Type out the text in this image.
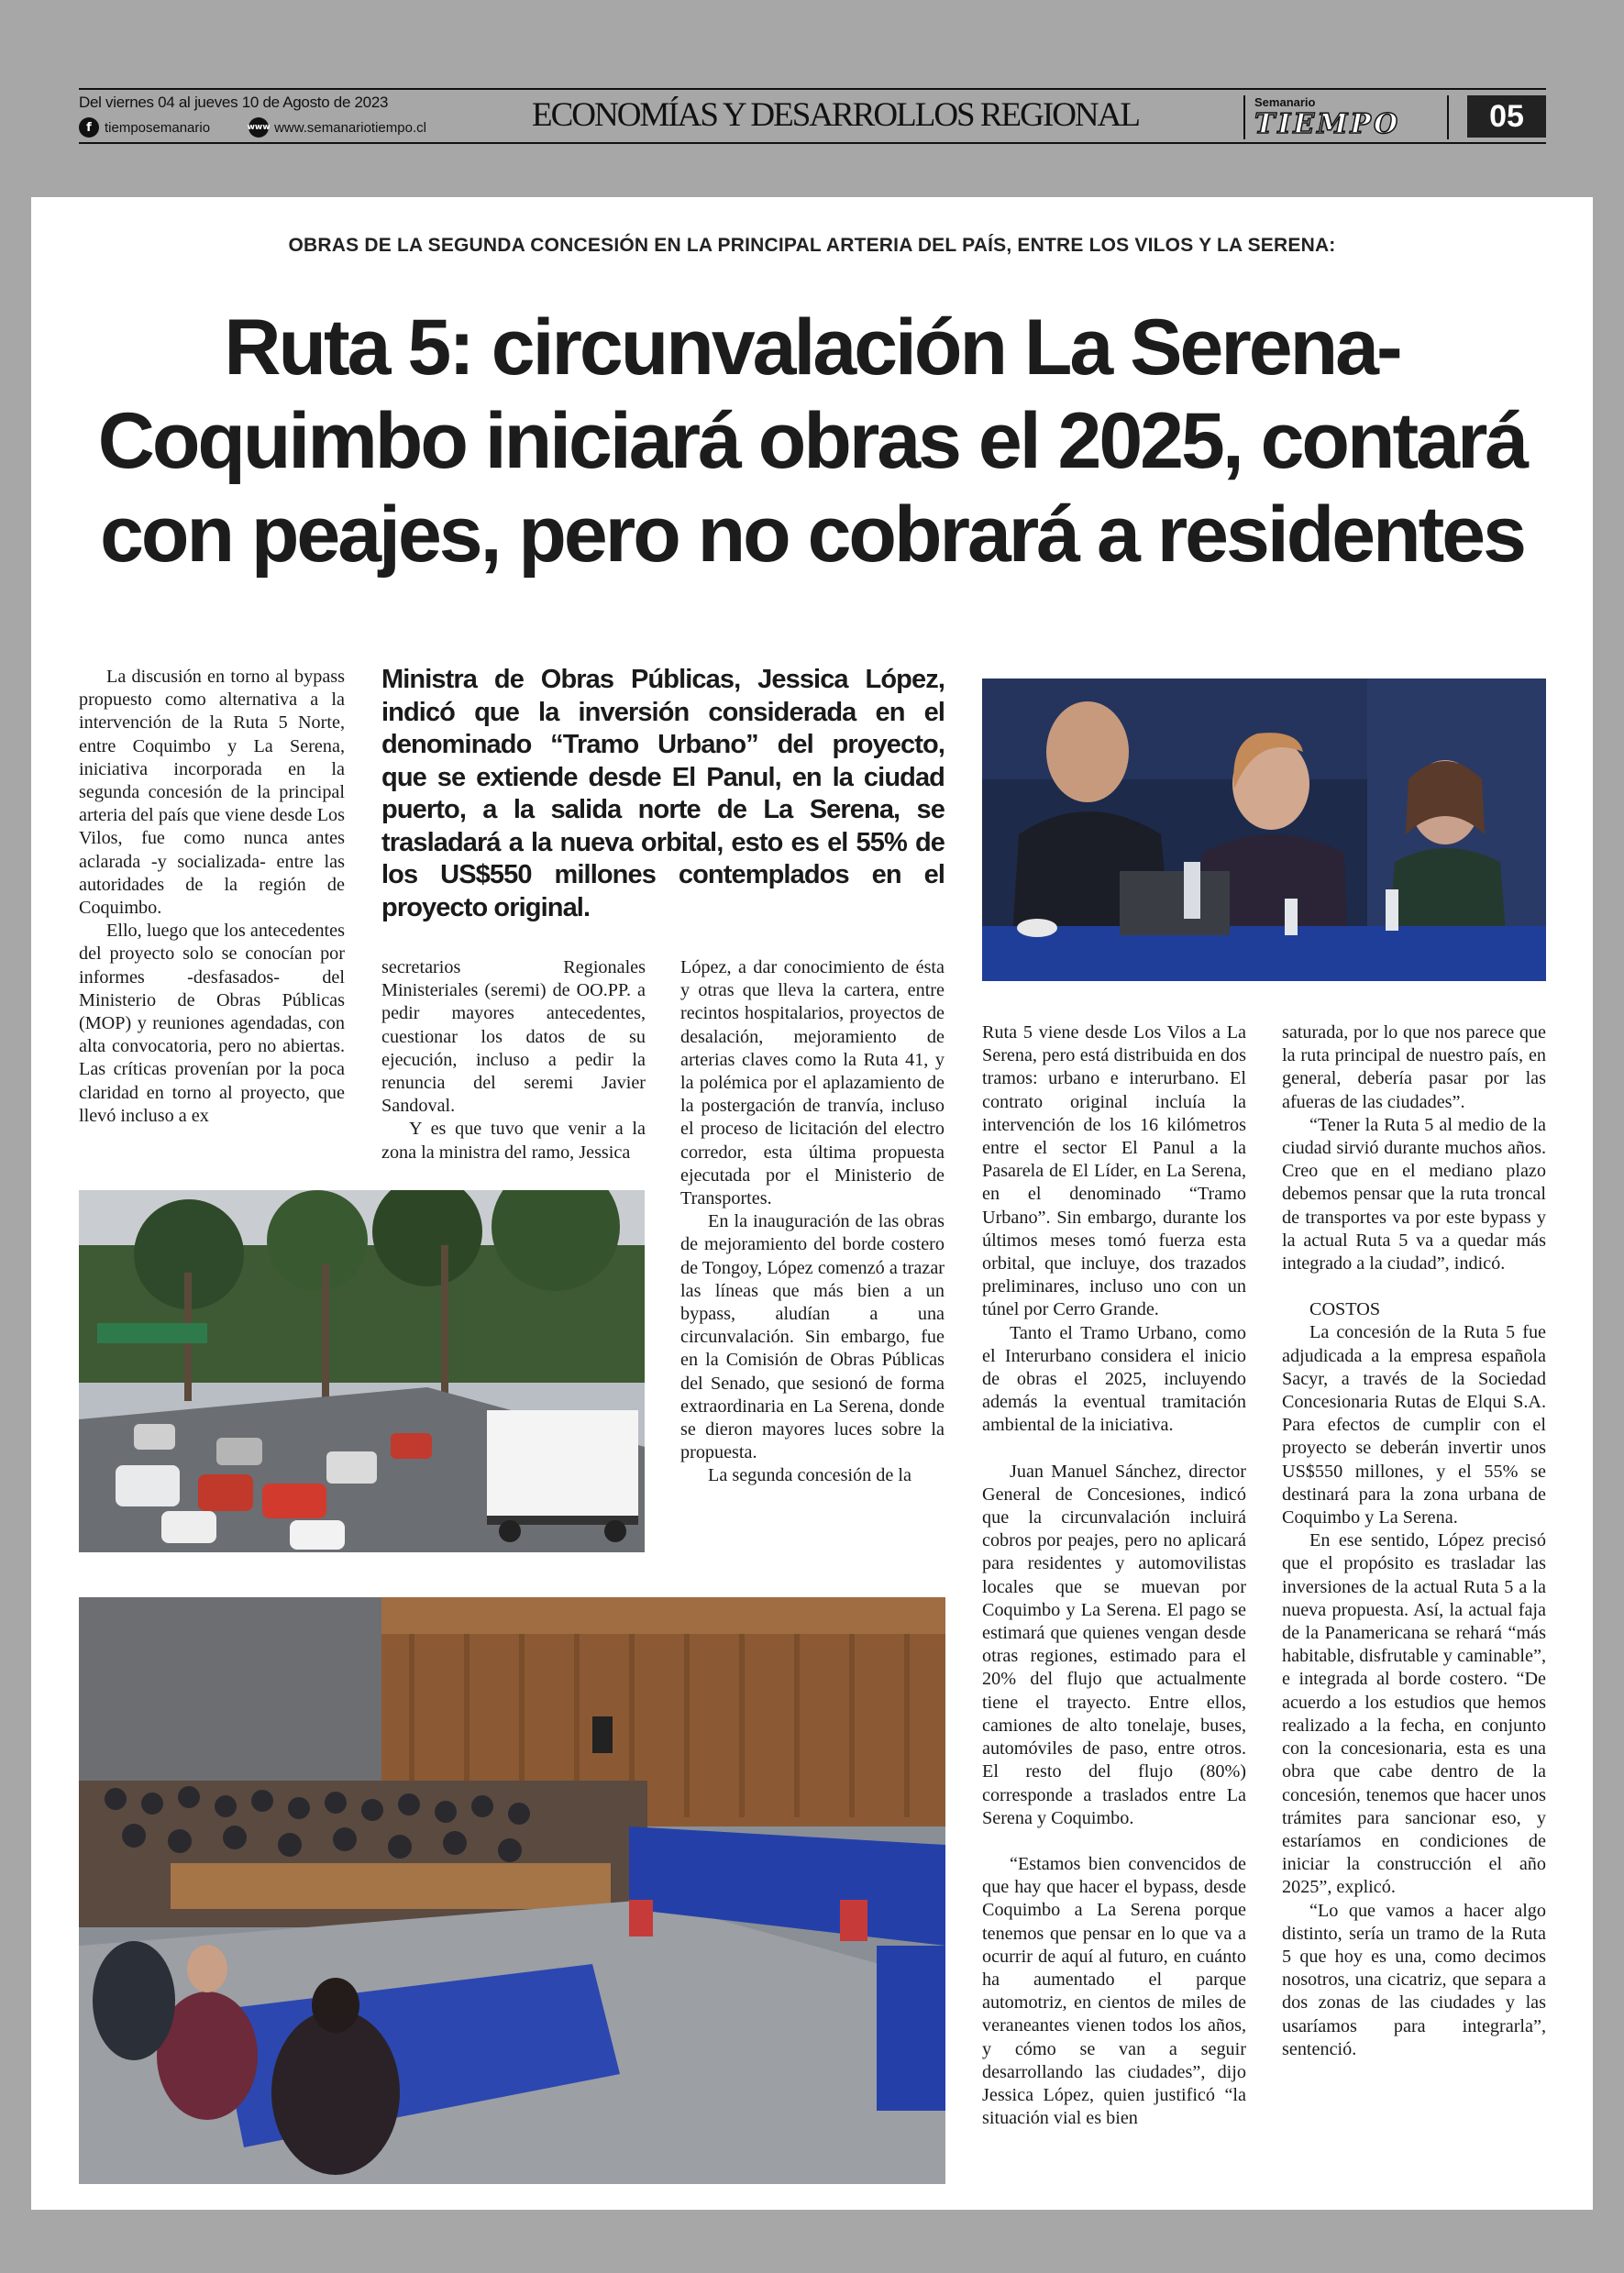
Del viernes 04 al jueves 10 de Agosto de 2023
f tiemposemanario	www www.semanariotiempo.cl	ECONOMÍAS Y DESARROLLOS REGIONAL	Semanario
TIEMPO	05
OBRAS DE LA SEGUNDA CONCESIÓN EN LA PRINCIPAL ARTERIA DEL PAÍS, ENTRE LOS VILOS Y LA SERENA:
Ruta 5: circunvalación La Serena-Coquimbo iniciará obras el 2025, contará con peajes, pero no cobrará a residentes

La discusión en torno al bypass propuesto como alternativa a la intervención de la Ruta 5 Norte, entre Coquimbo y La Serena, iniciativa incorporada en la segunda concesión de la principal arteria del país que viene desde Los Vilos, fue como nunca antes aclarada -y socializada- entre las autoridades de la región de Coquimbo.

Ello, luego que los antecedentes del proyecto solo se conocían por informes -desfasados- del Ministerio de Obras Públicas (MOP) y reuniones agendadas, con alta convocatoria, pero no abiertas. Las críticas provenían por la poca claridad en torno al proyecto, que llevó incluso a ex

Ministra de Obras Públicas, Jessica López, indicó que la inversión considerada en el denominado “Tramo Urbano” del proyecto, que se extiende desde El Panul, en la ciudad puerto, a la salida norte de La Serena, se trasladará a la nueva orbital, esto es el 55% de los US$550 millones contemplados en el proyecto original.

secretarios Regionales Ministeriales (seremi) de OO.PP. a pedir mayores antecedentes, cuestionar los datos de su ejecución, incluso a pedir la renuncia del seremi Javier Sandoval.

Y es que tuvo que venir a la zona la ministra del ramo, Jessica

López, a dar conocimiento de ésta y otras que lleva la cartera, entre recintos hospitalarios, proyectos de desalación, mejoramiento de arterias claves como la Ruta 41, y la polémica por el aplazamiento de la postergación de tranvía, incluso el proceso de licitación del electro corredor, esta última propuesta ejecutada por el Ministerio de Transportes.

En la inauguración de las obras de mejoramiento del borde costero de Tongoy, López comenzó a trazar las líneas que más bien a un bypass, aludían a una circunvalación. Sin embargo, fue en la Comisión de Obras Públicas del Senado, que sesionó de forma extraordinaria en La Serena, donde se dieron mayores luces sobre la propuesta.

La segunda concesión de la

Ruta 5 viene desde Los Vilos a La Serena, pero está distribuida en dos tramos: urbano e interurbano. El contrato original incluía la intervención de los 16 kilómetros entre el sector El Panul a la Pasarela de El Líder, en La Serena, en el denominado “Tramo Urbano”. Sin embargo, durante los últimos meses tomó fuerza esta orbital, que incluye, dos trazados preliminares, incluso uno con un túnel por Cerro Grande.

Tanto el Tramo Urbano, como el Interurbano considera el inicio de obras el 2025, incluyendo además la eventual tramitación ambiental de la iniciativa.

Juan Manuel Sánchez, director General de Concesiones, indicó que la circunvalación incluirá cobros por peajes, pero no aplicará para residentes y automovilistas locales que se muevan por Coquimbo y La Serena. El pago se estimará que quienes vengan desde otras regiones, estimado para el 20% del flujo que actualmente tiene el trayecto. Entre ellos, camiones de alto tonelaje, buses, automóviles de paso, entre otros. El resto del flujo (80%) corresponde a traslados entre La Serena y Coquimbo.

“Estamos bien convencidos de que hay que hacer el bypass, desde Coquimbo a La Serena porque tenemos que pensar en lo que va a ocurrir de aquí al futuro, en cuánto ha aumentado el parque automotriz, en cientos de miles de veraneantes vienen todos los años, y cómo se van a seguir desarrollando las ciudades”, dijo Jessica López, quien justificó “la situación vial es bien

saturada, por lo que nos parece que la ruta principal de nuestro país, en general, debería pasar por las afueras de las ciudades”.

“Tener la Ruta 5 al medio de la ciudad sirvió durante muchos años. Creo que en el mediano plazo debemos pensar que la ruta troncal de transportes va por este bypass y la actual Ruta 5 va a quedar más integrado a la ciudad”, indicó.

COSTOS

La concesión de la Ruta 5 fue adjudicada a la empresa española Sacyr, a través de la Sociedad Concesionaria Rutas de Elqui S.A. Para efectos de cumplir con el proyecto se deberán invertir unos US$550 millones, y el 55% se destinará para la zona urbana de Coquimbo y La Serena.

En ese sentido, López precisó que el propósito es trasladar las inversiones de la actual Ruta 5 a la nueva propuesta. Así, la actual faja de la Panamericana se rehará “más habitable, disfrutable y caminable”, e integrada al borde costero. “De acuerdo a los estudios que hemos realizado a la fecha, en conjunto con la concesionaria, esta es una obra que cabe dentro de la concesión, tenemos que hacer unos trámites para sancionar eso, y estaríamos en condiciones de iniciar la construcción el año 2025”, explicó.

“Lo que vamos a hacer algo distinto, sería un tramo de la Ruta 5 que hoy es una, como decimos nosotros, una cicatriz, que separa a dos zonas de las ciudades y las usaríamos para integrarla”, sentenció.
